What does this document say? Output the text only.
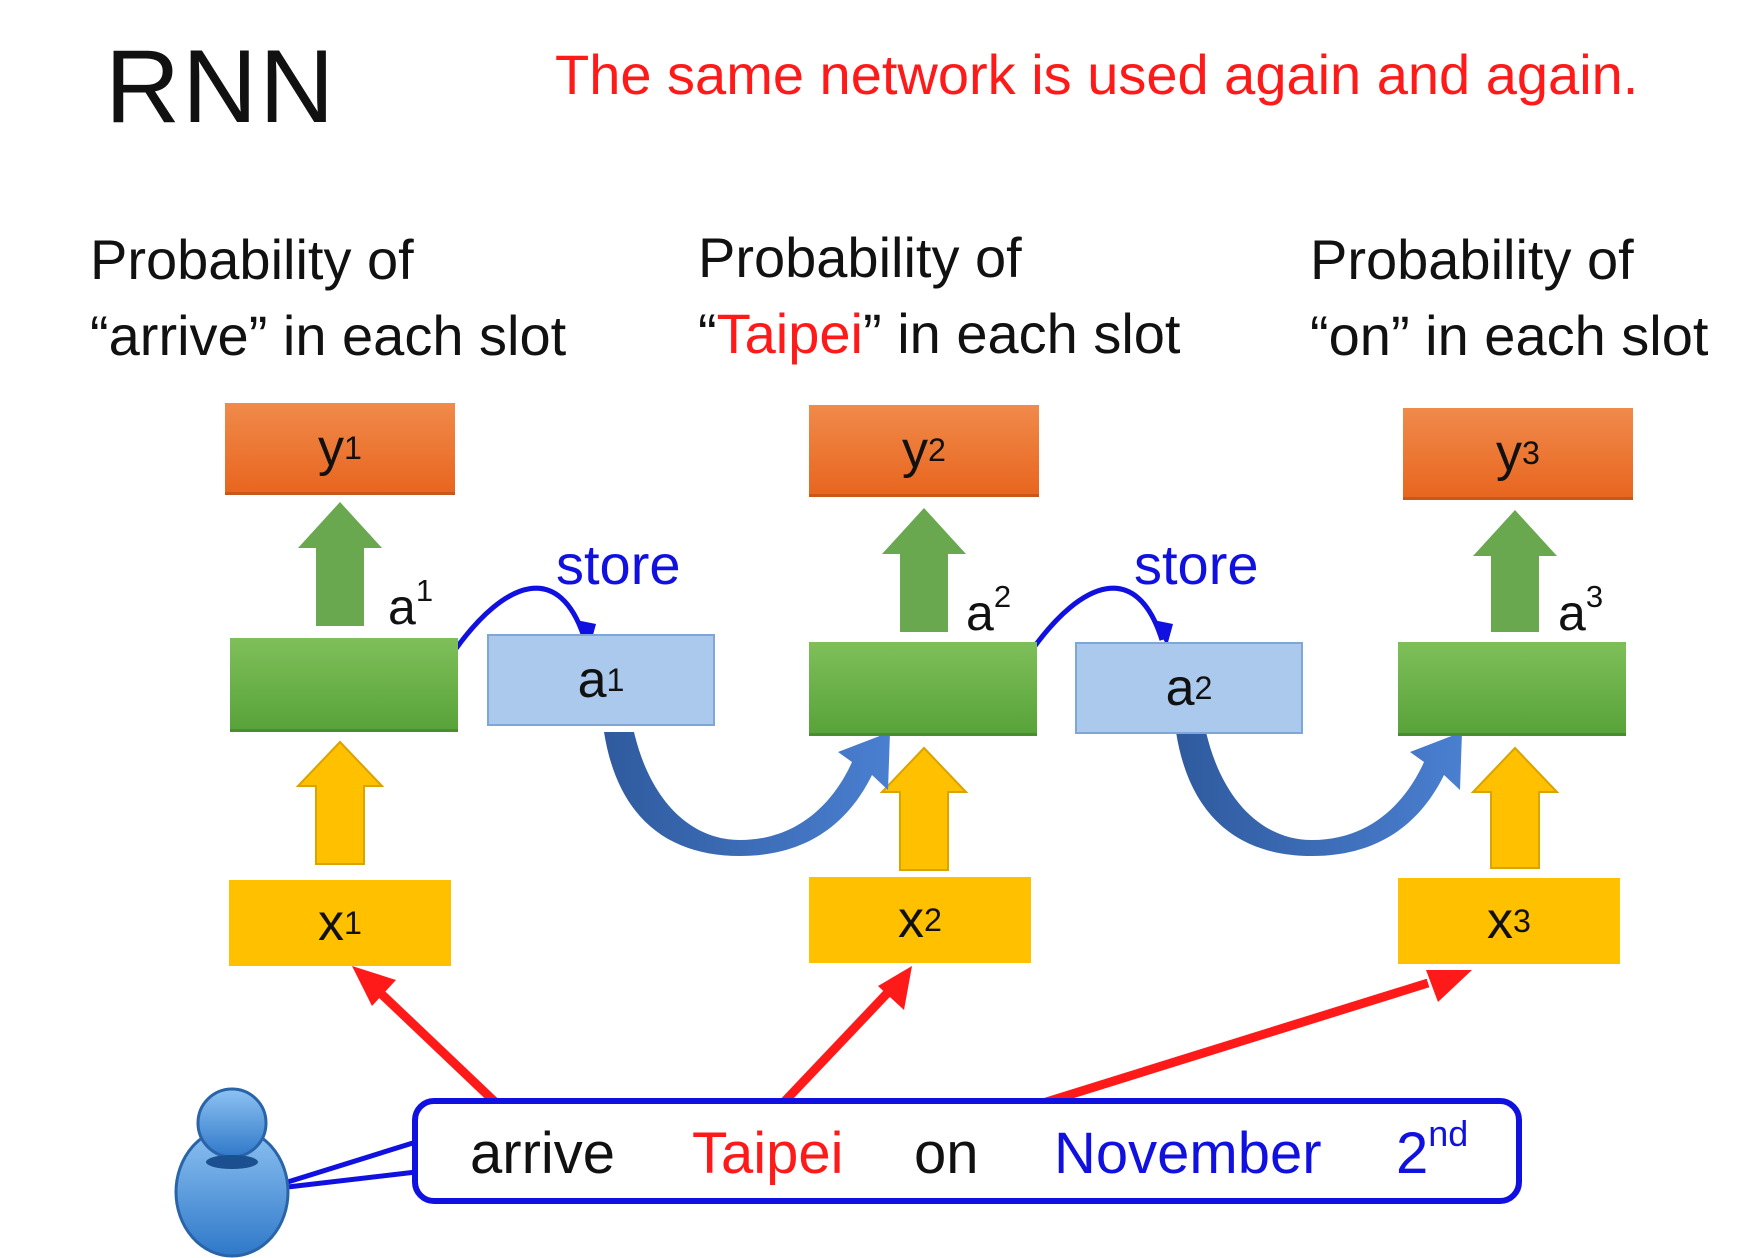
RNN	The same network is used again and again.
Probability of
“arrive” in each slot
Probability of
“Taipei” in each slot
Probability of
“on” in each slot
y 1	y 2	y 3
$a^1$	$a^2$	$a^3$
store	store
a 1	a 2
x 1	x 2	x 3
arrive Taipei on November 2nd
